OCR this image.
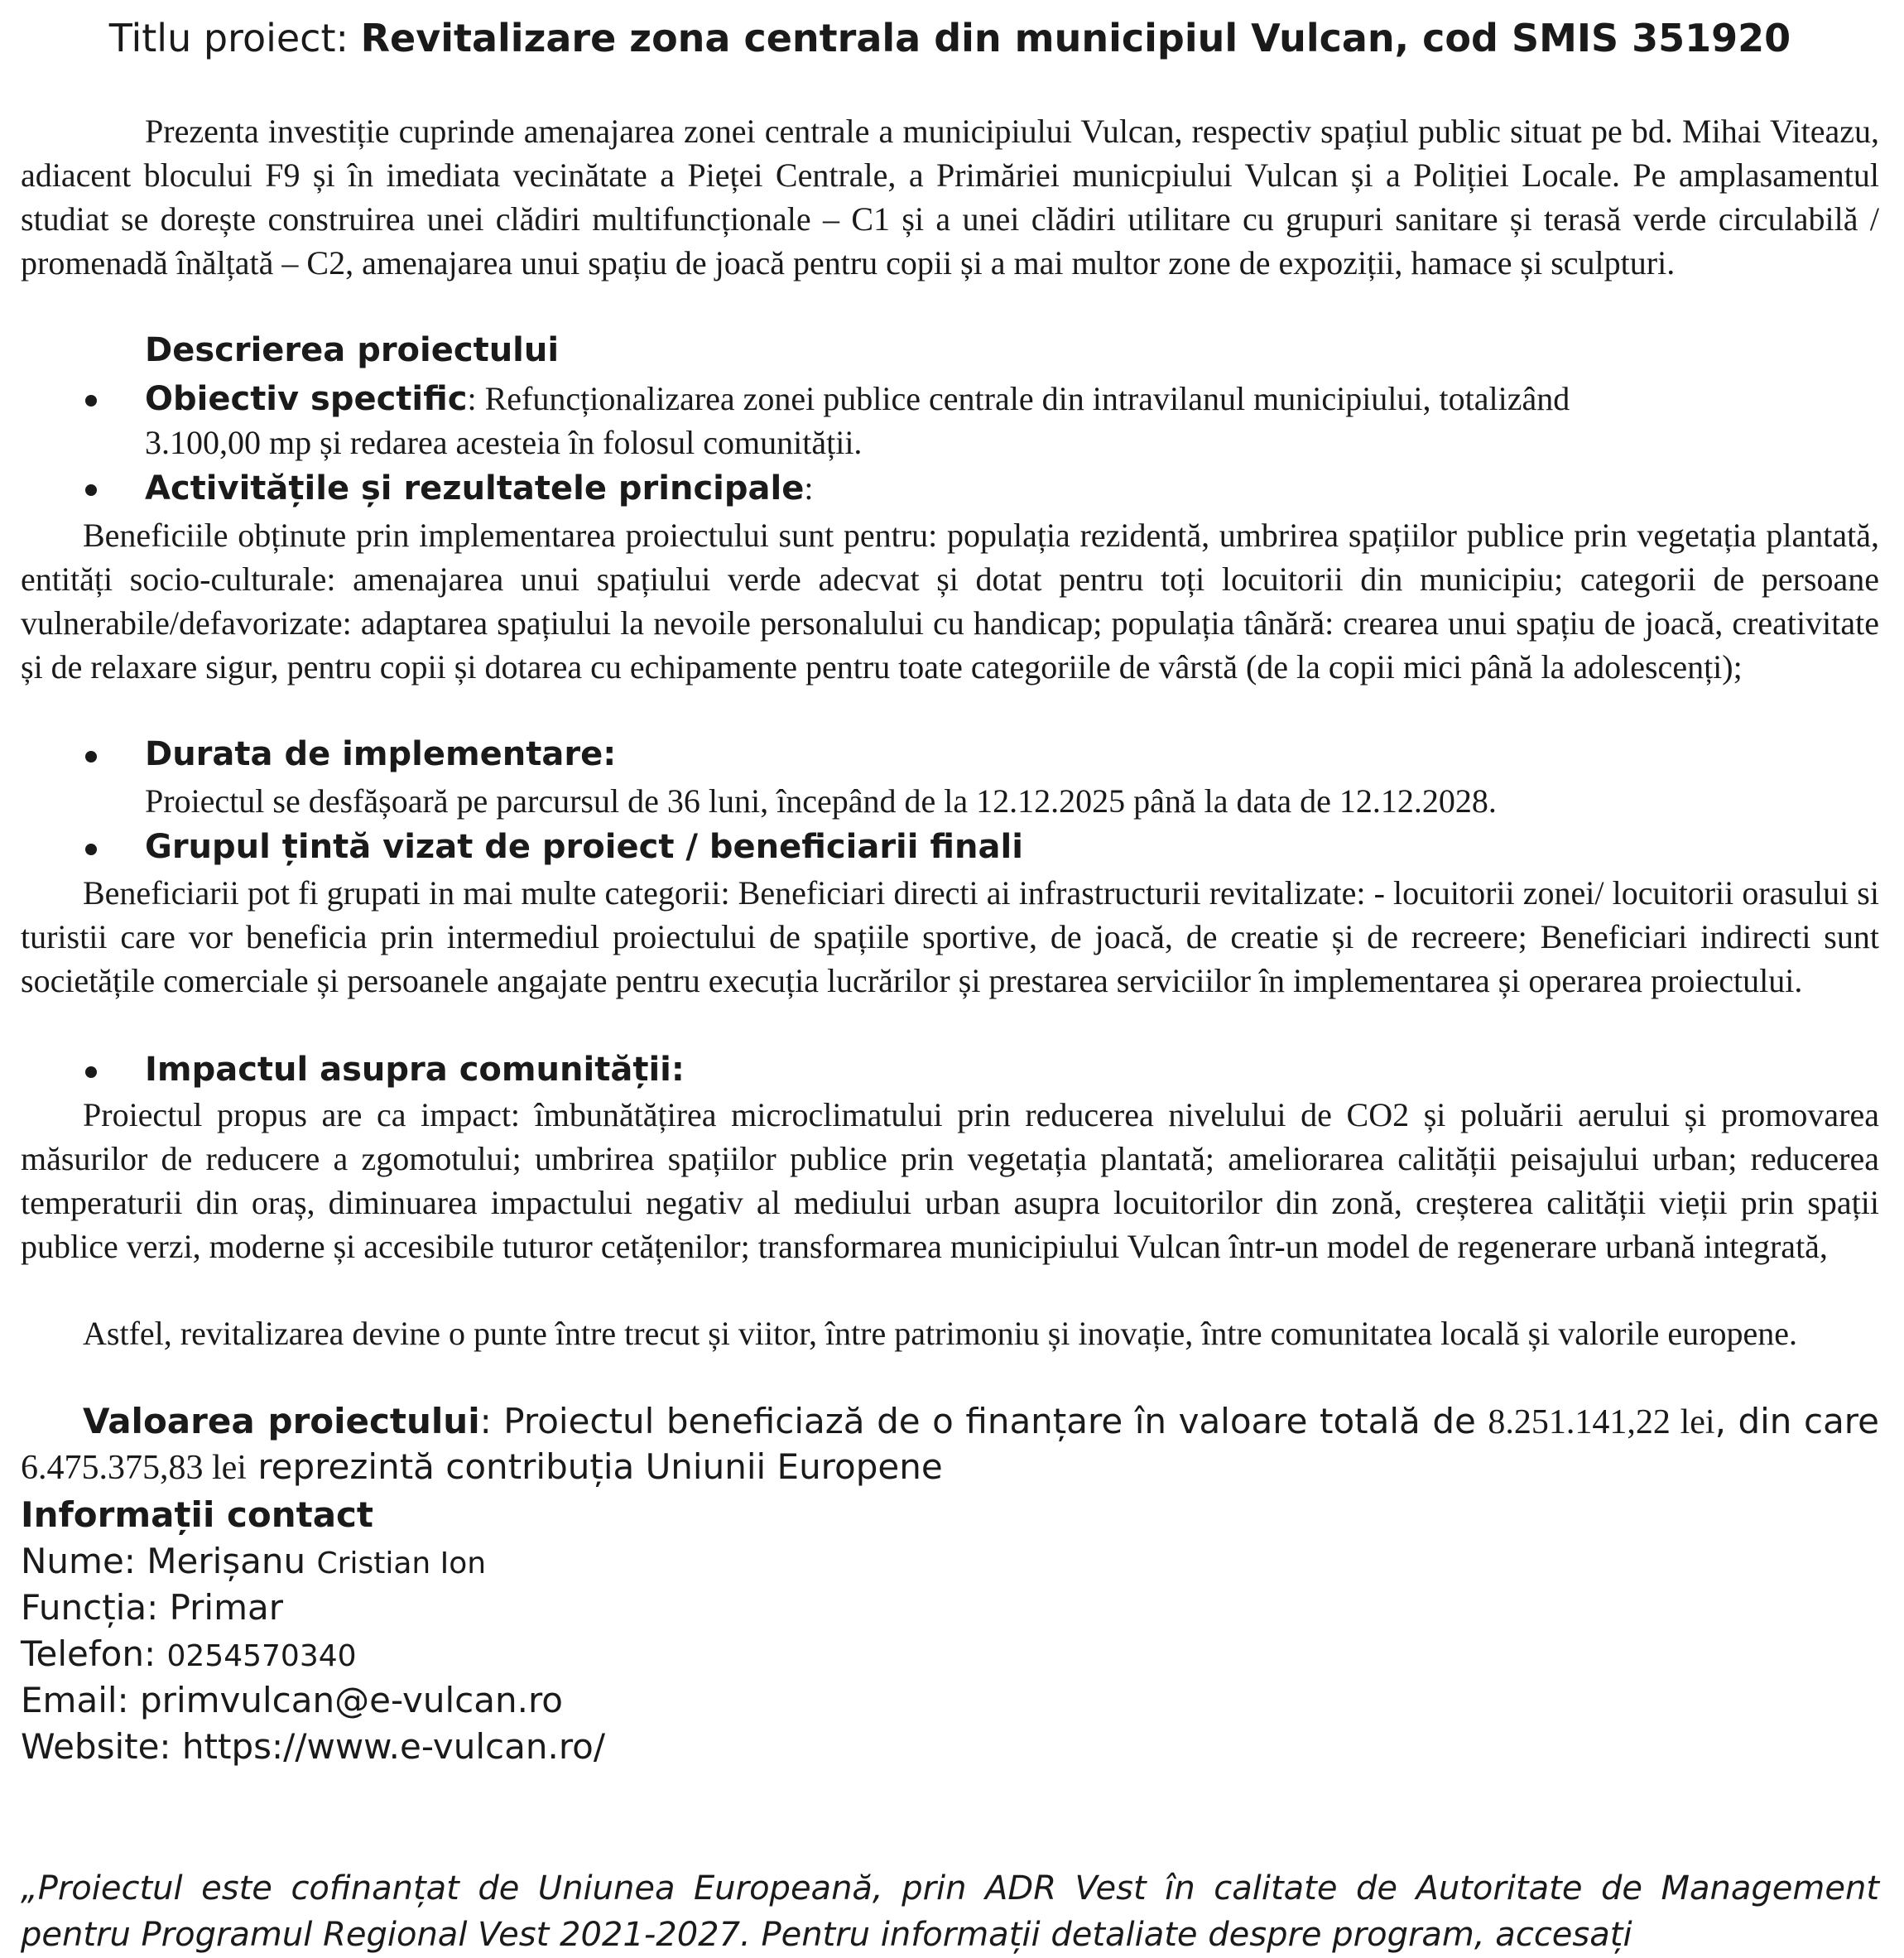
Titlu proiect: Revitalizare zona centrala din municipiul Vulcan, cod SMIS 351920

Prezenta investiție cuprinde amenajarea zonei centrale a municipiului Vulcan, respectiv spațiul public situat pe bd. Mihai Viteazu, adiacent blocului F9 și în imediata vecinătate a Pieței Centrale, a Primăriei municpiului Vulcan și a Poliției Locale. Pe amplasamentul studiat se dorește construirea unei clădiri multifuncționale – C1 și a unei clădiri utilitare cu grupuri sanitare și terasă verde circulabilă / promenadă înălțată – C2, amenajarea unui spațiu de joacă pentru copii și a mai multor zone de expoziții, hamace și sculpturi.

Descrierea proiectului
Obiectiv spectific: Refuncționalizarea zonei publice centrale din intravilanul municipiului, totalizând
3.100,00 mp și redarea acesteia în folosul comunității.
Activitățile și rezultatele principale:

Beneficiile obținute prin implementarea proiectului sunt pentru: populația rezidentă, umbrirea spațiilor publice prin vegetația plantată, entități socio-culturale: amenajarea unui spațiului verde adecvat și dotat pentru toți locuitorii din municipiu; categorii de persoane vulnerabile/defavorizate: adaptarea spațiului la nevoile personalului cu handicap; populația tânără: crearea unui spațiu de joacă, creativitate și de relaxare sigur, pentru copii și dotarea cu echipamente pentru toate categoriile de vârstă (de la copii mici până la adolescenți);

Durata de implementare:
Proiectul se desfășoară pe parcursul de 36 luni, începând de la 12.12.2025 până la data de 12.12.2028.
Grupul țintă vizat de proiect / beneficiarii finali

Beneficiarii pot fi grupati in mai multe categorii: Beneficiari directi ai infrastructurii revitalizate: - locuitorii zonei/ locuitorii orasului si turistii care vor beneficia prin intermediul proiectului de spațiile sportive, de joacă, de creatie și de recreere; Beneficiari indirecti sunt societățile comerciale și persoanele angajate pentru execuția lucrărilor și prestarea serviciilor în implementarea și operarea proiectului.

Impactul asupra comunității:

Proiectul propus are ca impact: îmbunătățirea microclimatului prin reducerea nivelului de CO2 și poluării aerului și promovarea măsurilor de reducere a zgomotului; umbrirea spațiilor publice prin vegetația plantată; ameliorarea calității peisajului urban; reducerea temperaturii din oraș, diminuarea impactului negativ al mediului urban asupra locuitorilor din zonă, creșterea calității vieții prin spații publice verzi, moderne și accesibile tuturor cetățenilor; transformarea municipiului Vulcan într-un model de regenerare urbană integrată,

Astfel, revitalizarea devine o punte între trecut și viitor, între patrimoniu și inovație, între comunitatea locală și valorile europene.

Valoarea proiectului: Proiectul beneficiază de o finanțare în valoare totală de 8.251.141,22 lei, din care 6.475.375,83 lei reprezintă contribuția Uniunii Europene

Informații contact
Nume: Merișanu Cristian Ion
Funcția: Primar
Telefon: 0254570340
Email: primvulcan@e-vulcan.ro
Website: https://www.e-vulcan.ro/

„Proiectul este cofinanțat de Uniunea Europeană, prin ADR Vest în calitate de Autoritate de Management pentru Programul Regional Vest 2021-2027. Pentru informații detaliate despre program, accesați
